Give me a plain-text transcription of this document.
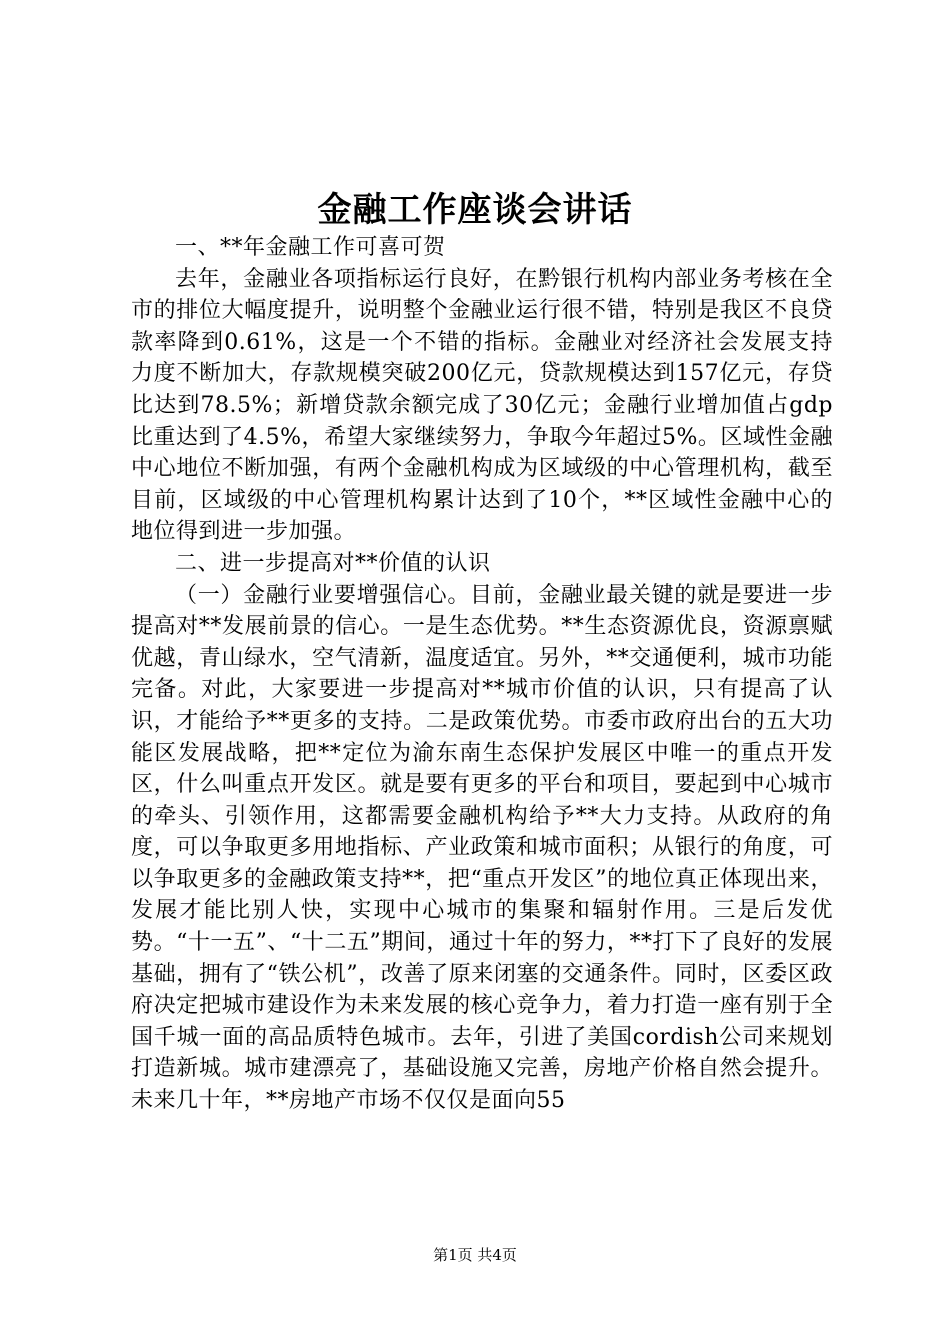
金融工作座谈会讲话

一、**年金融工作可喜可贺

去年，金融业各项指标运行良好，在黔银行机构内部业务考核在全市的排位大幅度提升，说明整个金融业运行很不错，特别是我区不良贷款率降到0.61%，这是一个不错的指标。金融业对经济社会发展支持力度不断加大，存款规模突破200亿元，贷款规模达到157亿元，存贷比达到78.5%；新增贷款余额完成了30亿元；金融行业增加值占gdp比重达到了4.5%，希望大家继续努力，争取今年超过5%。区域性金融中心地位不断加强，有两个金融机构成为区域级的中心管理机构，截至目前，区域级的中心管理机构累计达到了10个，**区域性金融中心的地位得到进一步加强。

二、进一步提高对**价值的认识

（一）金融行业要增强信心。目前，金融业最关键的就是要进一步提高对**发展前景的信心。一是生态优势。**生态资源优良，资源禀赋优越，青山绿水，空气清新，温度适宜。另外，**交通便利，城市功能完备。对此，大家要进一步提高对**城市价值的认识，只有提高了认识，才能给予**更多的支持。二是政策优势。市委市政府出台的五大功能区发展战略，把**定位为渝东南生态保护发展区中唯一的重点开发区，什么叫重点开发区。就是要有更多的平台和项目，要起到中心城市的牵头、引领作用，这都需要金融机构给予**大力支持。从政府的角度，可以争取更多用地指标、产业政策和城市面积；从银行的角度，可以争取更多的金融政策支持**，把“重点开发区”的地位真正体现出来，发展才能比别人快，实现中心城市的集聚和辐射作用。三是后发优势。“十一五”、“十二五”期间，通过十年的努力，**打下了良好的发展基础，拥有了“铁公机”，改善了原来闭塞的交通条件。同时，区委区政府决定把城市建设作为未来发展的核心竞争力，着力打造一座有别于全国千城一面的高品质特色城市。去年，引进了美国cordish公司来规划打造新城。城市建漂亮了，基础设施又完善，房地产价格自然会提升。未来几十年，**房地产市场不仅仅是面向55

第1页 共4页
